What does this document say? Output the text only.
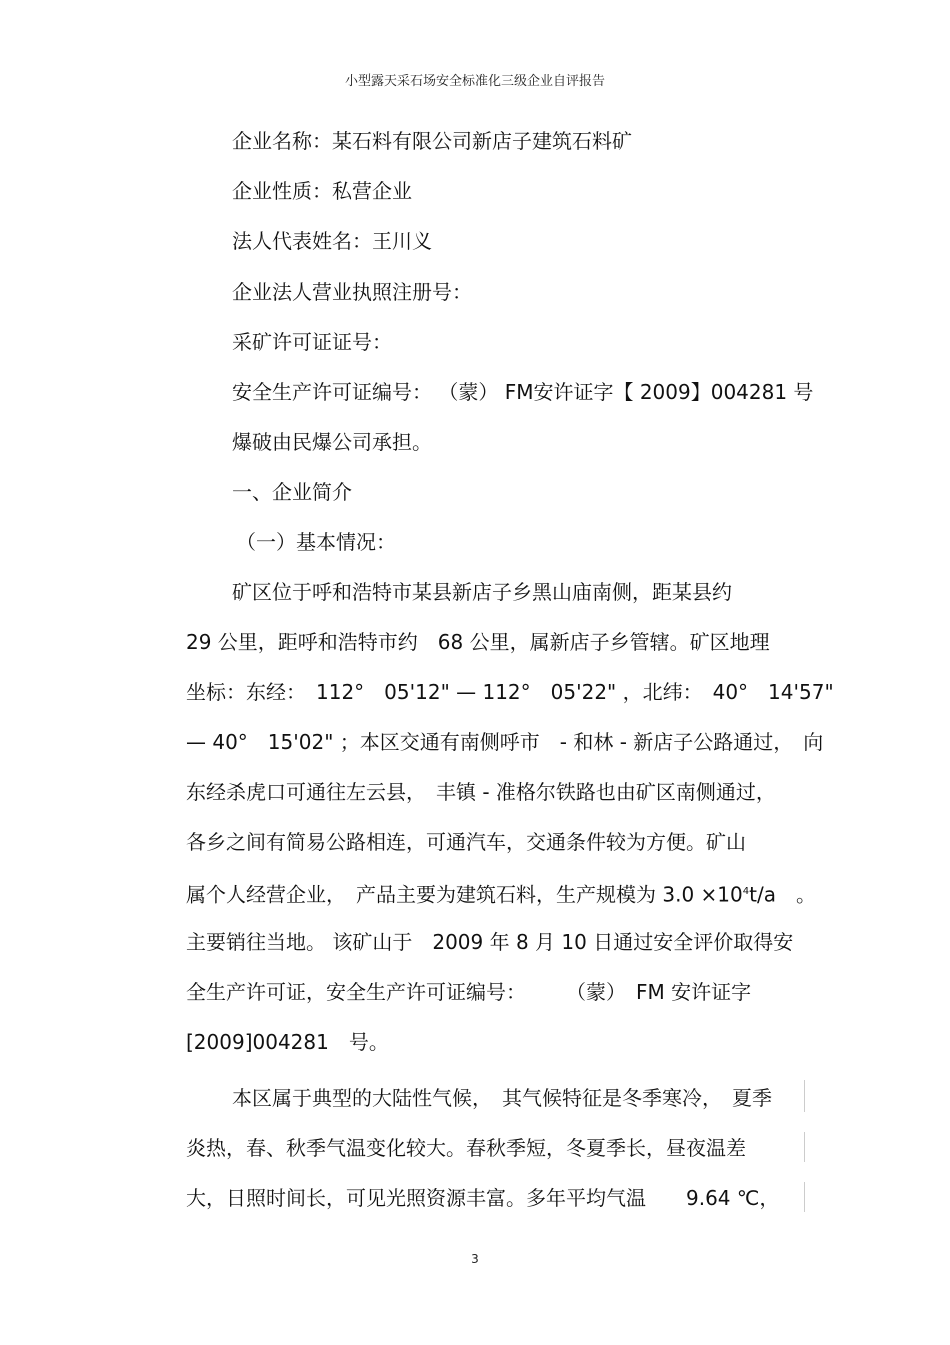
小型露天采石场安全标准化三级企业自评报告
企业名称：某石料有限公司新店子建筑石料矿
企业性质：私营企业
法人代表姓名：王川义
企业法人营业执照注册号：
采矿许可证证号：
安全生产许可证编号： （蒙） FM安许证字【 2009】004281 号
爆破由民爆公司承担。
一、企业简介
（一）基本情况：
矿区位于呼和浩特市某县新店子乡黑山庙南侧，距某县约
29 公里，距呼和浩特市约　68 公里，属新店子乡管辖。矿区地理
坐标：东经：　112°　05'12" — 112°　05'22" ，北纬：　40°　14'57"
— 40°　15'02" ；本区交通有南侧呼市　- 和林 - 新店子公路通过，　向
东经杀虎口可通往左云县，　丰镇 - 准格尔铁路也由矿区南侧通过，
各乡之间有简易公路相连，可通汽车，交通条件较为方便。矿山
属个人经营企业，　产品主要为建筑石料，生产规模为 $3.0 \times 10^4t/a$　。
主要销往当地。 该矿山于　2009 年 8 月 10 日通过安全评价取得安
全生产许可证，安全生产许可证编号：　　　（蒙）　FM 安许证字
[2009]004281　号。
本区属于典型的大陆性气候，　其气候特征是冬季寒冷，　夏季
炎热，春、秋季气温变化较大。春秋季短，冬夏季长，昼夜温差
大，日照时间长，可见光照资源丰富。多年平均气温　　9.64 ℃，
3
